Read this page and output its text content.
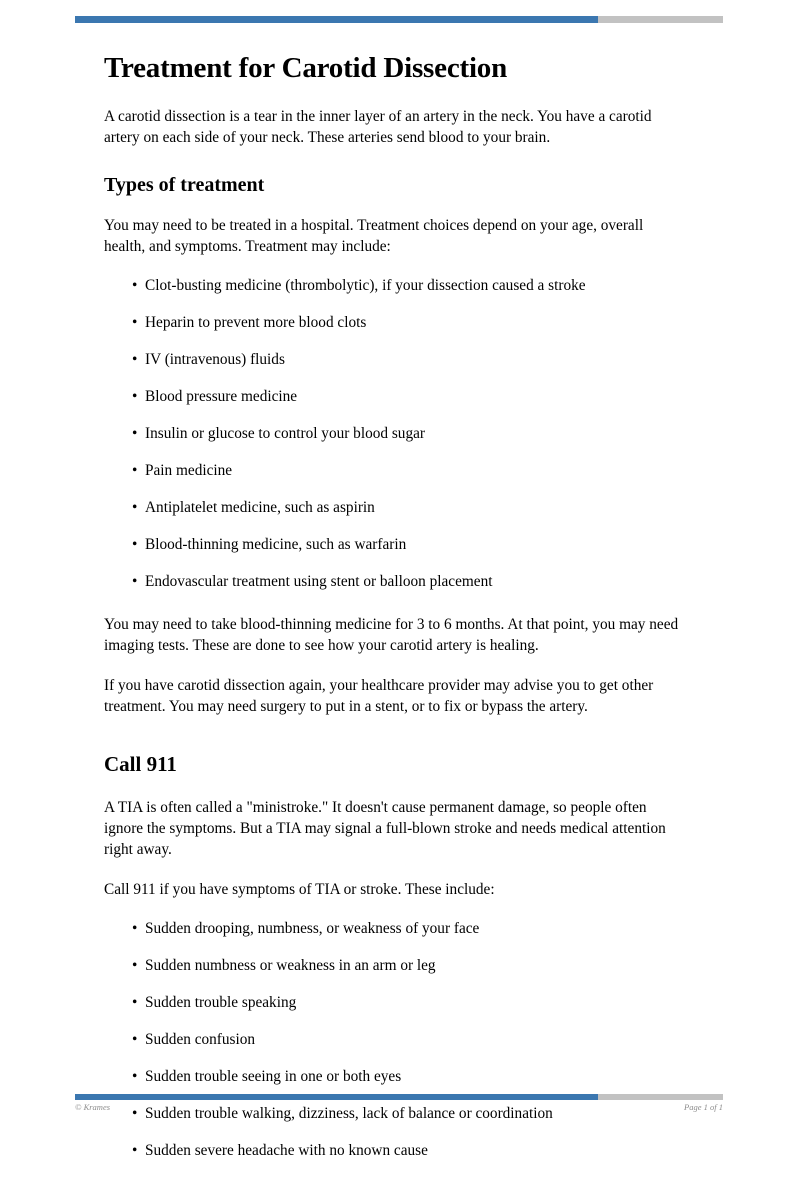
Treatment for Carotid Dissection

A carotid dissection is a tear in the inner layer of an artery in the neck. You have a carotid artery on each side of your neck. These arteries send blood to your brain.

Types of treatment

You may need to be treated in a hospital. Treatment choices depend on your age, overall health, and symptoms. Treatment may include:

• Clot-busting medicine (thrombolytic), if your dissection caused a stroke
• Heparin to prevent more blood clots
• IV (intravenous) fluids
• Blood pressure medicine
• Insulin or glucose to control your blood sugar
• Pain medicine
• Antiplatelet medicine, such as aspirin
• Blood-thinning medicine, such as warfarin
• Endovascular treatment using stent or balloon placement

You may need to take blood-thinning medicine for 3 to 6 months. At that point, you may need imaging tests. These are done to see how your carotid artery is healing.

If you have carotid dissection again, your healthcare provider may advise you to get other treatment. You may need surgery to put in a stent, or to fix or bypass the artery.

Call 911

A TIA is often called a "ministroke." It doesn't cause permanent damage, so people often ignore the symptoms. But a TIA may signal a full-blown stroke and needs medical attention right away.

Call 911 if you have symptoms of TIA or stroke. These include:

• Sudden drooping, numbness, or weakness of your face
• Sudden numbness or weakness in an arm or leg
• Sudden trouble speaking
• Sudden confusion
• Sudden trouble seeing in one or both eyes
• Sudden trouble walking, dizziness, lack of balance or coordination
• Sudden severe headache with no known cause
© Krames	Page 1 of 1
